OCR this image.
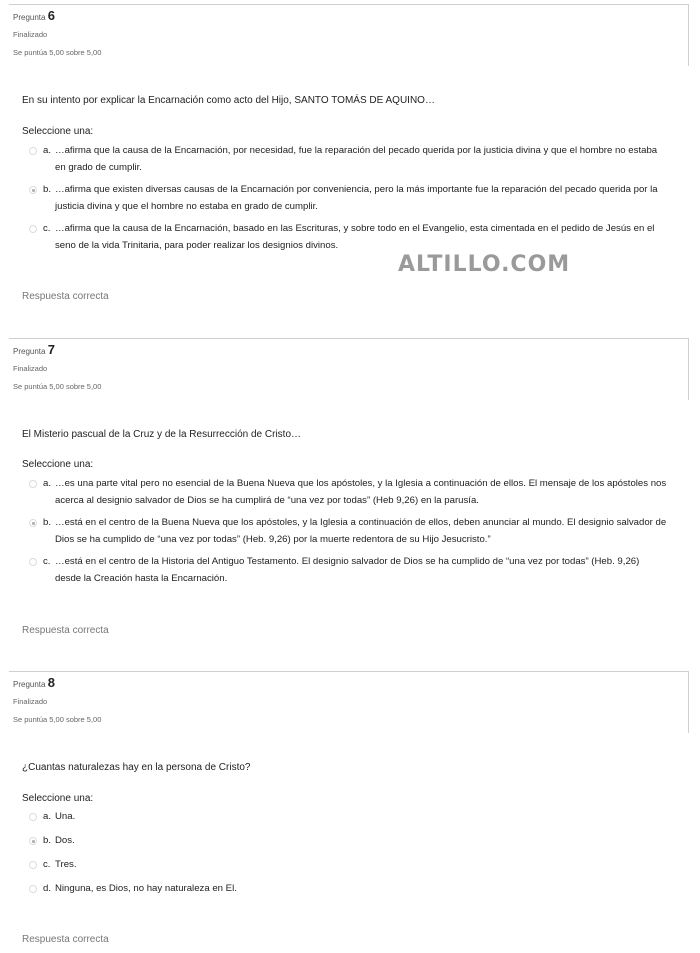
Pregunta 6
Finalizado
Se puntúa 5,00 sobre 5,00
En su intento por explicar la Encarnación como acto del Hijo, SANTO TOMÁS DE AQUINO…
Seleccione una:
a. …afirma que la causa de la Encarnación, por necesidad, fue la reparación del pecado querida por la justicia divina y que el hombre no estaba en grado de cumplir.
b. …afirma que existen diversas causas de la Encarnación por conveniencia, pero la más importante fue la reparación del pecado querida por la justicia divina y que el hombre no estaba en grado de cumplir.
c. …afirma que la causa de la Encarnación, basado en las Escrituras, y sobre todo en el Evangelio, esta cimentada en el pedido de Jesús en el seno de la vida Trinitaria, para poder realizar los designios divinos.
Respuesta correcta
ALTILLO.COM
Pregunta 7
Finalizado
Se puntúa 5,00 sobre 5,00
El Misterio pascual de la Cruz y de la Resurrección de Cristo…
Seleccione una:
a. …es una parte vital pero no esencial de la Buena Nueva que los apóstoles, y la Iglesia a continuación de ellos. El mensaje de los apóstoles nos acerca al designio salvador de Dios se ha cumplirá de “una vez por todas” (Heb 9,26) en la parusía.
b. …está en el centro de la Buena Nueva que los apóstoles, y la Iglesia a continuación de ellos, deben anunciar al mundo. El designio salvador de Dios se ha cumplido de “una vez por todas” (Heb. 9,26) por la muerte redentora de su Hijo Jesucristo.”
c. …está en el centro de la Historia del Antiguo Testamento. El designio salvador de Dios se ha cumplido de “una vez por todas” (Heb. 9,26) desde la Creación hasta la Encarnación.
Respuesta correcta
Pregunta 8
Finalizado
Se puntúa 5,00 sobre 5,00
¿Cuantas naturalezas hay en la persona de Cristo?
Seleccione una:
a. Una.
b. Dos.
c. Tres.
d. Ninguna, es Dios, no hay naturaleza en El.
Respuesta correcta
